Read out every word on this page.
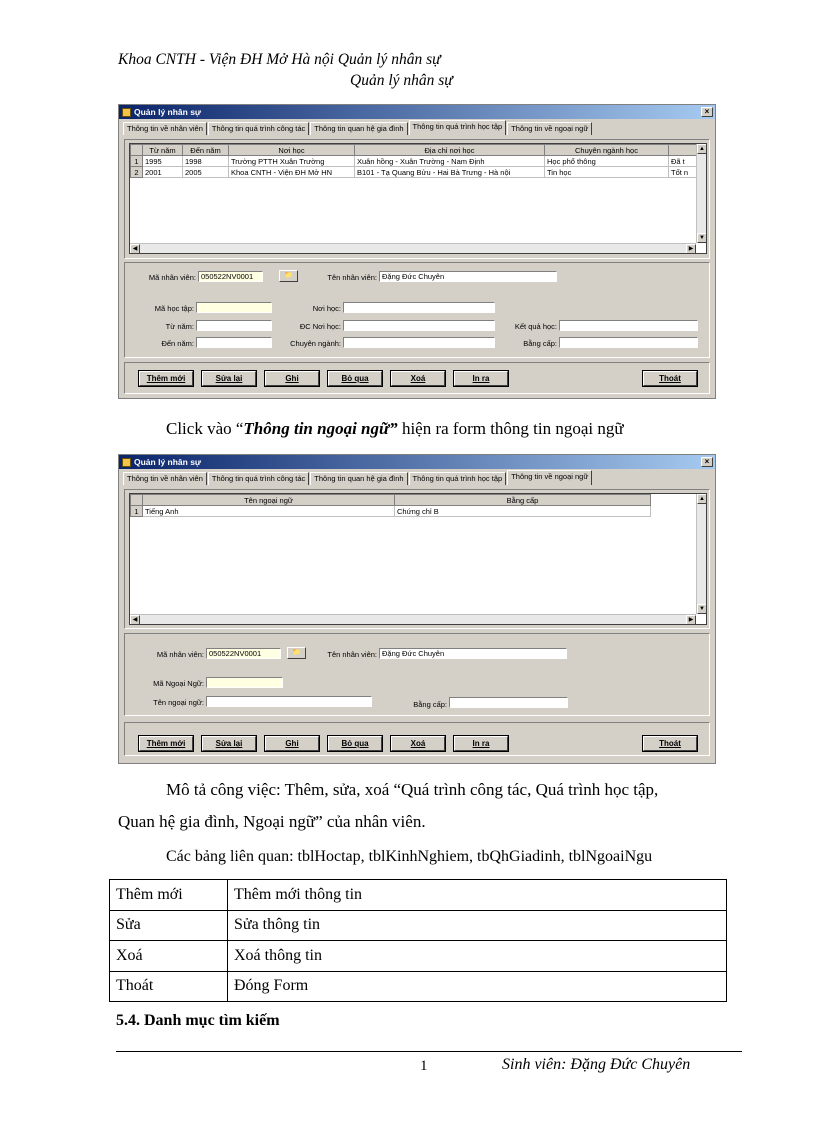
Khoa CNTH - Viện ĐH Mở Hà nội Quản lý nhân sự
Quản lý nhân sự
Quản lý nhân sự	×
Thông tin về nhân viên	Thông tin quá trình công tác	Thông tin quan hệ gia đình	Thông tin quá trình học tập	Thông tin về ngoại ngữ
	Từ năm	Đến năm	Nơi học	Địa chỉ nơi học	Chuyên ngành học	
1	1995	1998	Trường PTTH Xuân Trường	Xuân hồng - Xuân Trường - Nam Định	Học phổ thông	Đã t
2	2001	2005	Khoa CNTH - Viện ĐH Mở HN	B101 - Tạ Quang Bửu - Hai Bà Trưng - Hà nội	Tin học	Tốt n
▲
▼
◀	▶
Mã nhân viên: 050522NV0001	📁	Tên nhân viên: Đặng Đức Chuyên
Mã học tập:	Nơi học:
Từ năm:	ĐC Nơi học:	Kết quả học:
Đến năm:	Chuyên ngành:	Bằng cấp:
Thêm mới	Sửa lại	Ghi	Bỏ qua	Xoá	In ra	Thoát
Click vào “Thông tin ngoại ngữ” hiện ra form thông tin ngoại ngữ
Quản lý nhân sự	×
Thông tin về nhân viên	Thông tin quá trình công tác	Thông tin quan hệ gia đình	Thông tin quá trình học tập	Thông tin về ngoại ngữ
	Tên ngoại ngữ	Bằng cấp
1	Tiếng Anh	Chứng chỉ B
▲
▼
◀	▶
Mã nhân viên: 050522NV0001	📁	Tên nhân viên: Đặng Đức Chuyên
Mã Ngoại Ngữ:
Tên ngoại ngữ:	Bằng cấp:
Thêm mới	Sửa lại	Ghi	Bỏ qua	Xoá	In ra	Thoát
Mô tả công việc: Thêm, sửa, xoá “Quá trình công tác, Quá trình học tập,
Quan hệ gia đình, Ngoại ngữ” của nhân viên.
Các bảng liên quan: tblHoctap, tblKinhNghiem, tbQhGiadinh, tblNgoaiNgu
Thêm mới	Thêm mới thông tin
Sửa	Sửa thông tin
Xoá	Xoá thông tin
Thoát	Đóng Form
5.4. Danh mục tìm kiếm
1	Sinh viên: Đặng Đức Chuyên
